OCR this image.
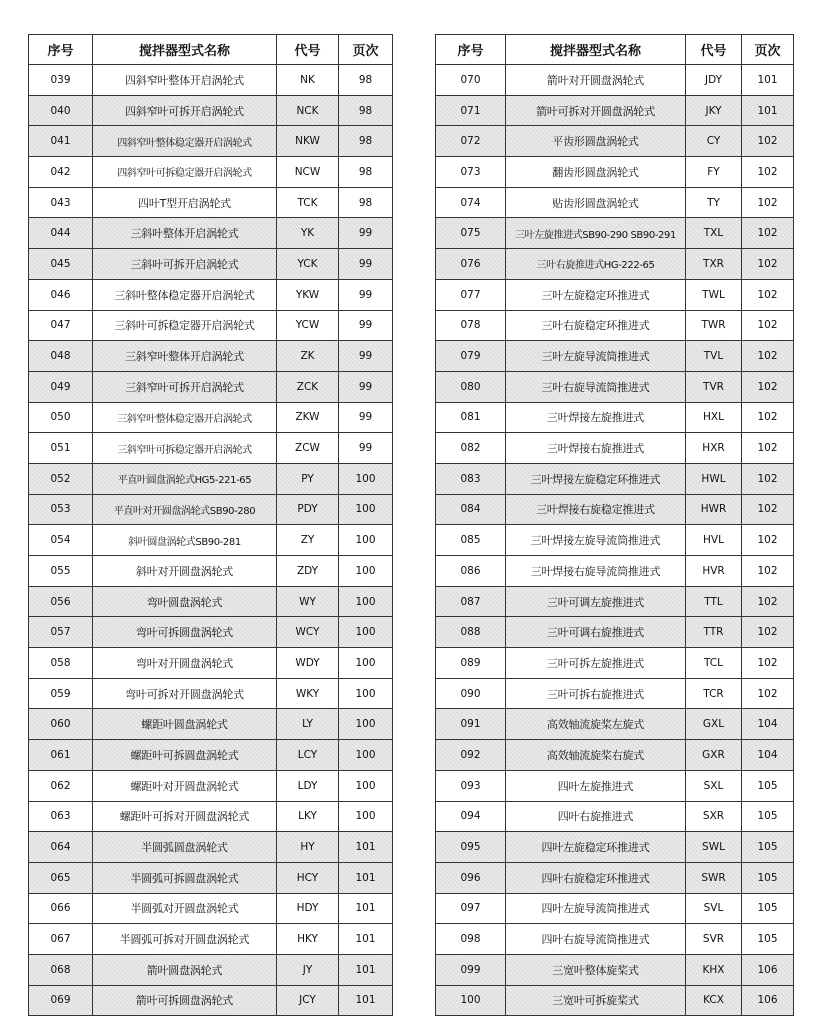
序号	搅拌器型式名称	代号	页次
039	四斜窄叶整体开启涡轮式	NK	98
040	四斜窄叶可拆开启涡轮式	NCK	98
041	四斜窄叶整体稳定器开启涡轮式	NKW	98
042	四斜窄叶可拆稳定器开启涡轮式	NCW	98
043	四叶T型开启涡轮式	TCK	98
044	三斜叶整体开启涡轮式	YK	99
045	三斜叶可拆开启涡轮式	YCK	99
046	三斜叶整体稳定器开启涡轮式	YKW	99
047	三斜叶可拆稳定器开启涡轮式	YCW	99
048	三斜窄叶整体开启涡轮式	ZK	99
049	三斜窄叶可拆开启涡轮式	ZCK	99
050	三斜窄叶整体稳定器开启涡轮式	ZKW	99
051	三斜窄叶可拆稳定器开启涡轮式	ZCW	99
052	平直叶圆盘涡轮式HG5-221-65	PY	100
053	平直叶对开圆盘涡轮式SB90-280	PDY	100
054	斜叶圆盘涡轮式SB90-281	ZY	100
055	斜叶对开圆盘涡轮式	ZDY	100
056	弯叶圆盘涡轮式	WY	100
057	弯叶可拆圆盘涡轮式	WCY	100
058	弯叶对开圆盘涡轮式	WDY	100
059	弯叶可拆对开圆盘涡轮式	WKY	100
060	螺距叶圆盘涡轮式	LY	100
061	螺距叶可拆圆盘涡轮式	LCY	100
062	螺距叶对开圆盘涡轮式	LDY	100
063	螺距叶可拆对开圆盘涡轮式	LKY	100
064	半圆弧圆盘涡轮式	HY	101
065	半圆弧可拆圆盘涡轮式	HCY	101
066	半圆弧对开圆盘涡轮式	HDY	101
067	半圆弧可拆对开圆盘涡轮式	HKY	101
068	箭叶圆盘涡轮式	JY	101
069	箭叶可拆圆盘涡轮式	JCY	101
序号	搅拌器型式名称	代号	页次
070	箭叶对开圆盘涡轮式	JDY	101
071	箭叶可拆对开圆盘涡轮式	JKY	101
072	平齿形圆盘涡轮式	CY	102
073	翻齿形圆盘涡轮式	FY	102
074	贴齿形圆盘涡轮式	TY	102
075	三叶左旋推进式SB90-290 SB90-291	TXL	102
076	三叶右旋推进式HG-222-65	TXR	102
077	三叶左旋稳定环推进式	TWL	102
078	三叶右旋稳定环推进式	TWR	102
079	三叶左旋导流筒推进式	TVL	102
080	三叶右旋导流筒推进式	TVR	102
081	三叶焊接左旋推进式	HXL	102
082	三叶焊接右旋推进式	HXR	102
083	三叶焊接左旋稳定环推进式	HWL	102
084	三叶焊接右旋稳定推进式	HWR	102
085	三叶焊接左旋导流筒推进式	HVL	102
086	三叶焊接右旋导流筒推进式	HVR	102
087	三叶可调左旋推进式	TTL	102
088	三叶可调右旋推进式	TTR	102
089	三叶可拆左旋推进式	TCL	102
090	三叶可拆右旋推进式	TCR	102
091	高效轴流旋桨左旋式	GXL	104
092	高效轴流旋桨右旋式	GXR	104
093	四叶左旋推进式	SXL	105
094	四叶右旋推进式	SXR	105
095	四叶左旋稳定环推进式	SWL	105
096	四叶右旋稳定环推进式	SWR	105
097	四叶左旋导流筒推进式	SVL	105
098	四叶右旋导流筒推进式	SVR	105
099	三宽叶整体旋桨式	KHX	106
100	三宽叶可拆旋桨式	KCX	106
